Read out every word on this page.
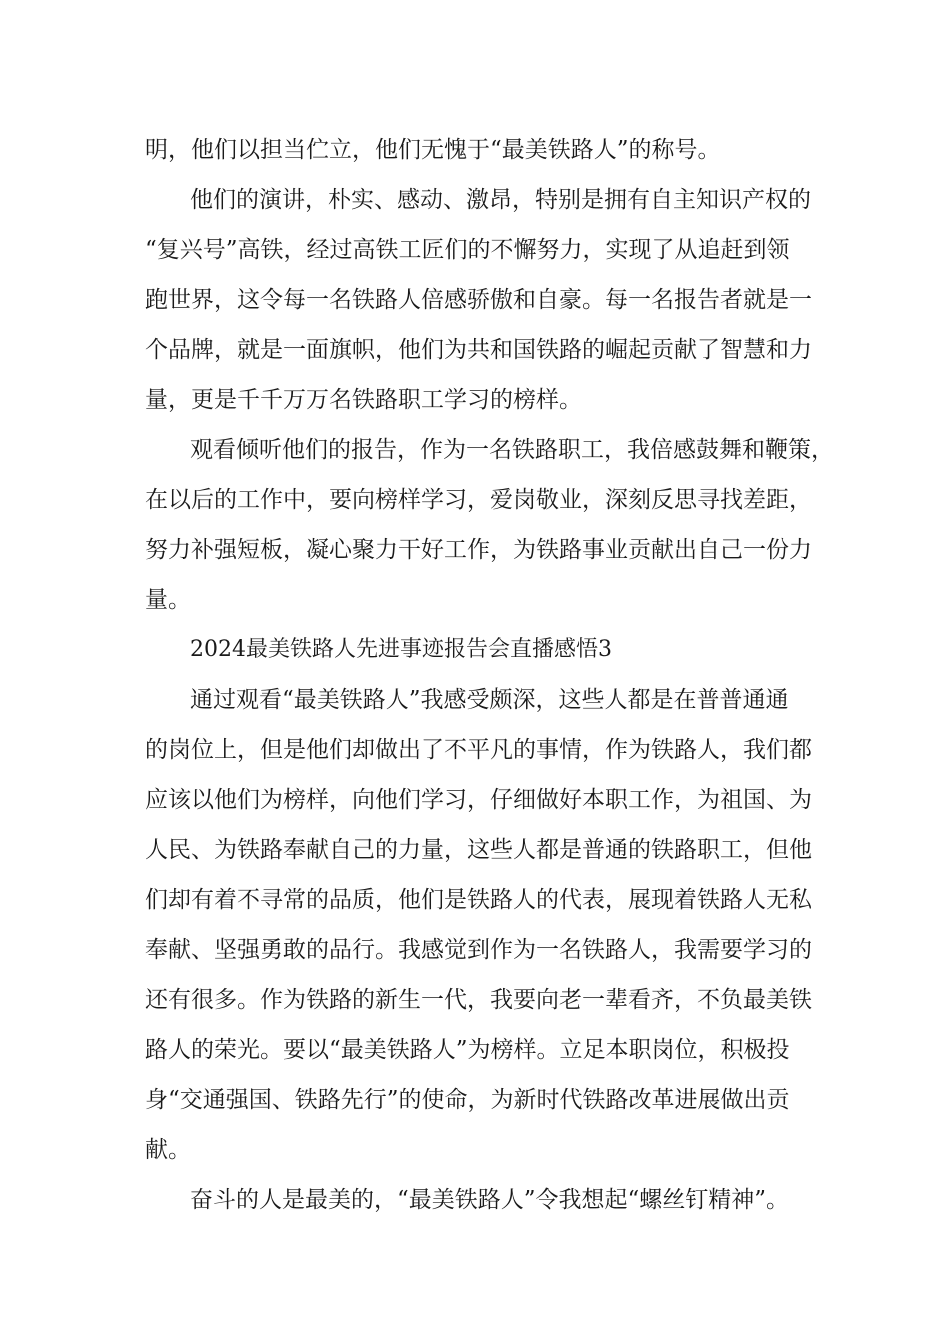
明，他们以担当伫立，他们无愧于“最美铁路人”的称号。
他们的演讲，朴实、感动、激昂，特别是拥有自主知识产权的
“复兴号”高铁，经过高铁工匠们的不懈努力，实现了从追赶到领
跑世界，这令每一名铁路人倍感骄傲和自豪。每一名报告者就是一
个品牌，就是一面旗帜，他们为共和国铁路的崛起贡献了智慧和力
量，更是千千万万名铁路职工学习的榜样。
观看倾听他们的报告，作为一名铁路职工，我倍感鼓舞和鞭策，
在以后的工作中，要向榜样学习，爱岗敬业，深刻反思寻找差距，
努力补强短板，凝心聚力干好工作，为铁路事业贡献出自己一份力
量。
2024最美铁路人先进事迹报告会直播感悟3
通过观看“最美铁路人”我感受颇深，这些人都是在普普通通
的岗位上，但是他们却做出了不平凡的事情，作为铁路人，我们都
应该以他们为榜样，向他们学习，仔细做好本职工作，为祖国、为
人民、为铁路奉献自己的力量，这些人都是普通的铁路职工，但他
们却有着不寻常的品质，他们是铁路人的代表，展现着铁路人无私
奉献、坚强勇敢的品行。我感觉到作为一名铁路人，我需要学习的
还有很多。作为铁路的新生一代，我要向老一辈看齐，不负最美铁
路人的荣光。要以“最美铁路人”为榜样。立足本职岗位，积极投
身“交通强国、铁路先行”的使命，为新时代铁路改革进展做出贡
献。
奋斗的人是最美的，“最美铁路人”令我想起“螺丝钉精神”。
